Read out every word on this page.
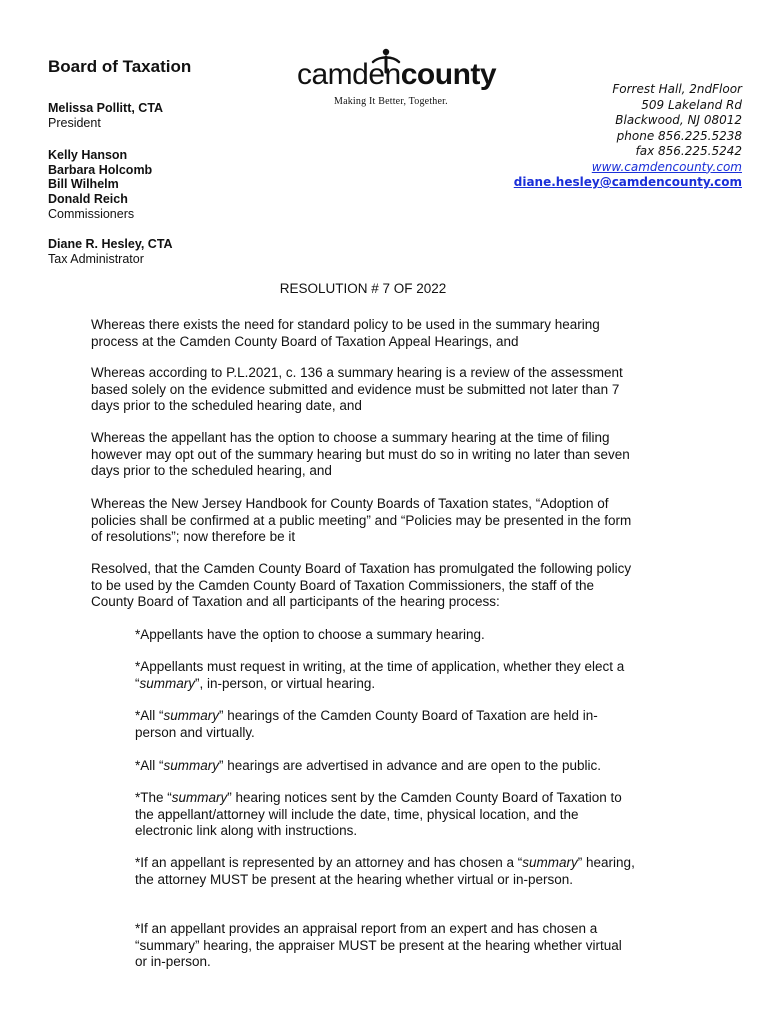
Board of Taxation
Melissa Pollitt, CTA
President
Kelly Hanson
Barbara Holcomb
Bill Wilhelm
Donald Reich
Commissioners
Diane R. Hesley, CTA
Tax Administrator
camdencounty
Making It Better, Together.
Forrest Hall, 2ndFloor
509 Lakeland Rd
Blackwood, NJ 08012
phone 856.225.5238
fax 856.225.5242
www.camdencounty.com
diane.hesley@camdencounty.com
RESOLUTION # 7 OF 2022

Whereas there exists the need for standard policy to be used in the summary hearing process at the Camden County Board of Taxation Appeal Hearings, and

Whereas according to P.L.2021, c. 136 a summary hearing is a review of the assessment based solely on the evidence submitted and evidence must be submitted not later than 7 days prior to the scheduled hearing date, and

Whereas the appellant has the option to choose a summary hearing at the time of filing however may opt out of the summary hearing but must do so in writing no later than seven days prior to the scheduled hearing, and

Whereas the New Jersey Handbook for County Boards of Taxation states, “Adoption of policies shall be confirmed at a public meeting” and “Policies may be presented in the form of resolutions”; now therefore be it

Resolved, that the Camden County Board of Taxation has promulgated the following policy to be used by the Camden County Board of Taxation Commissioners, the staff of the County Board of Taxation and all participants of the hearing process:

*Appellants have the option to choose a summary hearing.

*Appellants must request in writing, at the time of application, whether they elect a “summary”, in-person, or virtual hearing.

*All “summary” hearings of the Camden County Board of Taxation are held in-person and virtually.

*All “summary” hearings are advertised in advance and are open to the public.

*The “summary” hearing notices sent by the Camden County Board of Taxation to the appellant/attorney will include the date, time, physical location, and the electronic link along with instructions.

*If an appellant is represented by an attorney and has chosen a “summary” hearing, the attorney MUST be present at the hearing whether virtual or in-person.

*If an appellant provides an appraisal report from an expert and has chosen a “summary” hearing, the appraiser MUST be present at the hearing whether virtual or in-person.
